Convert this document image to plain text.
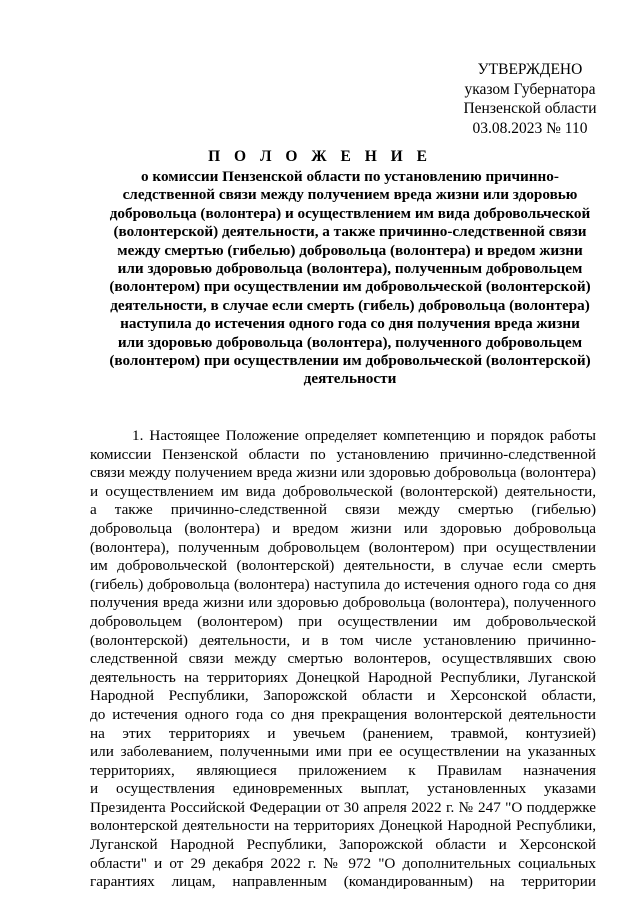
УТВЕРЖДЕНО
указом Губернатора
Пензенской области
03.08.2023 № 110
П О Л О Ж Е Н И Е
о комиссии Пензенской области по установлению причинно-
следственной связи между получением вреда жизни или здоровью
добровольца (волонтера) и осуществлением им вида добровольческой
(волонтерской) деятельности, а также причинно-следственной связи
между смертью (гибелью) добровольца (волонтера) и вредом жизни
или здоровью добровольца (волонтера), полученным добровольцем
(волонтером) при осуществлении им добровольческой (волонтерской)
деятельности, в случае если смерть (гибель) добровольца (волонтера)
наступила до истечения одного года со дня получения вреда жизни
или здоровью добровольца (волонтера), полученного добровольцем
(волонтером) при осуществлении им добровольческой (волонтерской)
деятельности
1. Настоящее Положение определяет компетенцию и порядок работы
комиссии Пензенской области по установлению причинно-следственной
связи между получением вреда жизни или здоровью добровольца (волонтера)
и осуществлением им вида добровольческой (волонтерской) деятельности,
а также причинно-следственной связи между смертью (гибелью)
добровольца (волонтера) и вредом жизни или здоровью добровольца
(волонтера), полученным добровольцем (волонтером) при осуществлении
им добровольческой (волонтерской) деятельности, в случае если смерть
(гибель) добровольца (волонтера) наступила до истечения одного года со дня
получения вреда жизни или здоровью добровольца (волонтера), полученного
добровольцем (волонтером) при осуществлении им добровольческой
(волонтерской) деятельности, и в том числе установлению причинно-
следственной связи между смертью волонтеров, осуществлявших свою
деятельность на территориях Донецкой Народной Республики, Луганской
Народной Республики, Запорожской области и Херсонской области,
до истечения одного года со дня прекращения волонтерской деятельности
на этих территориях и увечьем (ранением, травмой, контузией)
или заболеванием, полученными ими при ее осуществлении на указанных
территориях, являющиеся приложением к Правилам назначения
и осуществления единовременных выплат, установленных указами
Президента Российской Федерации от 30 апреля 2022 г. № 247 "О поддержке
волонтерской деятельности на территориях Донецкой Народной Республики,
Луганской Народной Республики, Запорожской области и Херсонской
области" и от 29 декабря 2022 г. № 972 "О дополнительных социальных
гарантиях лицам, направленным (командированным) на территории
